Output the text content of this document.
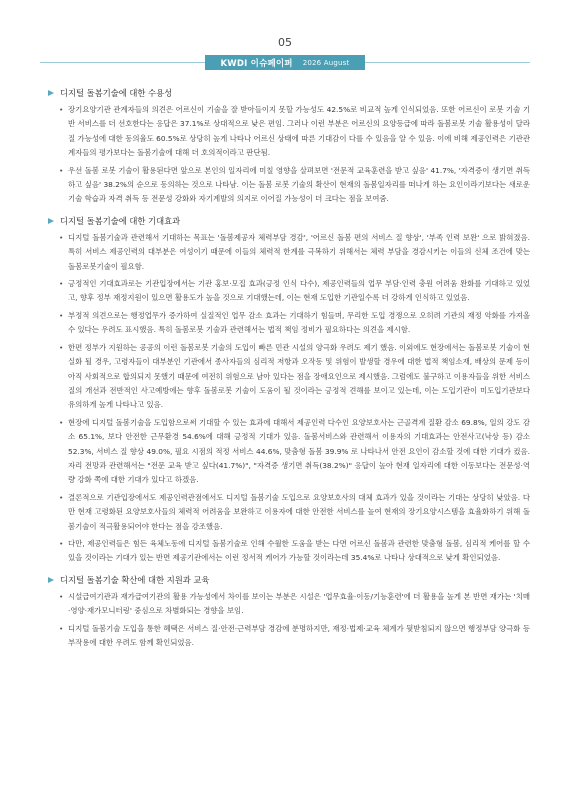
05
KWDI 이슈페이퍼 2026 August
디지털 돌봄기술에 대한 수용성
• 장기요양기관 관계자들의 의견은 어르신이 기술을 잘 받아들이지 못할 가능성도 42.5%로 비교적 높게 인식되었음. 또한 어르신이 로봇 기술 기반 서비스를 더 선호한다는 응답은 37.1%로 상대적으로 낮은 편임. 그러나 이런 부분은 어르신의 요양등급에 따라 돌봄로봇 기술 활용성이 달라질 가능성에 대한 동의율도 60.5%로 상당히 높게 나타나 어르신 상태에 따른 기대감이 다를 수 있음을 알 수 있음. 이에 비해 제공인력은 기관관계자들의 평가보다는 돌봄기술에 대해 더 호의적이라고 판단됨.
• 우선 돌봄 로봇 기술이 활용된다면 앞으로 본인의 일자리에 미칠 영향을 살펴보면 '전문적 교육훈련을 받고 싶음' 41.7%, '자격증이 생기면 취득하고 싶음' 38.2%의 순으로 동의하는 것으로 나타남. 이는 돌봄 로봇 기술의 확산이 현재의 돌봄일자리를 떠나게 하는 요인이라기보다는 새로운 기술 학습과 자격 취득 등 전문성 강화와 자기계발의 의지로 이어질 가능성이 더 크다는 점을 보여줌.
디지털 돌봄기술에 대한 기대효과
• 디지털 돌봄기술과 관련해서 기대하는 목표는 '돌봄제공자 체력부담 경감', '어르신 돌봄 편의 서비스 질 향상', '부족 인력 보완' 으로 밝혀졌음. 특히 서비스 제공인력의 대부분은 여성이기 때문에 이들의 체력적 한계를 극복하기 위해서는 체력 부담을 경감시키는 이들의 신체 조건에 맞는 돌봄로봇기술이 필요함.
• 긍정적인 기대효과로는 기관입장에서는 기관 홍보·모집 효과(긍정 인식 다수), 제공인력들의 업무 부담·인력 충원 어려움 완화를 기대하고 있었고, 향후 정부 재정지원이 있으면 활용도가 높을 것으로 기대했는데, 이는 현재 도입한 기관일수록 더 강하게 인식하고 있었음.
• 부정적 의견으로는 행정업무가 증가하여 실질적인 업무 감소 효과는 기대하기 힘들며, 무리한 도입 경쟁으로 오히려 기관의 재정 악화를 가져올 수 있다는 우려도 표시했음. 특히 돌봄로봇 기술과 관련해서는 법적 책임 정비가 필요하다는 의견을 제시함.
• 한편 정부가 지원하는 공공의 이런 돌봄로봇 기술의 도입이 빠른 민관 시설의 양극화 우려도 제기 했음. 이외에도 현장에서는 돌봄로봇 기술이 현실화 될 경우, 고령자들이 대부분인 기관에서 종사자들의 심리적 저항과 오작동 및 위험이 발생할 경우에 대한 법적 책임소재, 배상의 문제 등이 아직 사회적으로 합의되지 못했기 때문에 여전히 위험으로 남아 있다는 점을 장애요인으로 제시했음. 그럼에도 불구하고 이용자들을 위한 서비스 질의 개선과 전반적인 사고예방에는 향후 돌봄로봇 기술이 도움이 될 것이라는 긍정적 견해를 보이고 있는데, 이는 도입기관이 미도입기관보다 유의하게 높게 나타나고 있음.
• 현장에 디지털 돌봄기술을 도입함으로써 기대할 수 있는 효과에 대해서 제공인력 다수인 요양보호사는 근골격계 질환 감소 69.8%, 일의 강도 감소 65.1%, 보다 안전한 근무환경 54.6%에 대해 긍정적 기대가 있음. 돌봄서비스와 관련해서 이용자의 기대효과는 안전사고(낙상 등) 감소 52.3%, 서비스 질 향상 49.0%, 필요 시점의 적정 서비스 44.6%, 맞춤형 돌봄 39.9% 로 나타나서 안전 요인이 감소할 것에 대한 기대가 컸음. 자리 전망과 관련해서는 "전문 교육 받고 싶다(41.7%)", "자격증 생기면 취득(38.2%)" 응답이 높아 현재 일자리에 대한 이동보다는 전문성·역량 강화 쪽에 대한 기대가 있다고 하겠음.
• 결론적으로 기관입장에서도 제공인력관점에서도 디지털 돌봄기술 도입으로 요양보호사의 대체 효과가 있을 것이라는 기대는 상당히 낮았음. 다만 현재 고령화된 요양보호사들의 체력적 어려움을 보완하고 이용자에 대한 안전한 서비스를 높여 현재의 장기요양시스템을 효율화하기 위해 돌봄기술이 적극활용되어야 한다는 점을 강조했음.
• 다만, 제공인력들은 힘든 육체노동에 디지털 돌봄기술로 인해 수월한 도움을 받는 다면 어르신 돌봄과 관련한 맞춤형 돌봄, 심리적 케어를 할 수 있을 것이라는 기대가 있는 반면 제공기관에서는 이런 정서적 케어가 가능할 것이라는데 35.4%로 나타나 상대적으로 낮게 확인되었음.
디지털 돌봄기술 확산에 대한 지원과 교육
• 시설급여기관과 재가급여기관의 활용 가능성에서 차이를 보이는 부분은 시설은 '업무효율·이동/기능훈련'에 더 활용을 높게 본 반면 재가는 '치매·영양·재가모니터링' 중심으로 차별화되는 경향을 보임.
• 디지털 돌봄기술 도입을 통한 혜택은 서비스 질·안전·근력부담 경감에 분명하지만, 재정·법제·교육 체계가 뒷받침되지 않으면 행정부담 양극화 등 부작용에 대한 우려도 함께 확인되었음.
